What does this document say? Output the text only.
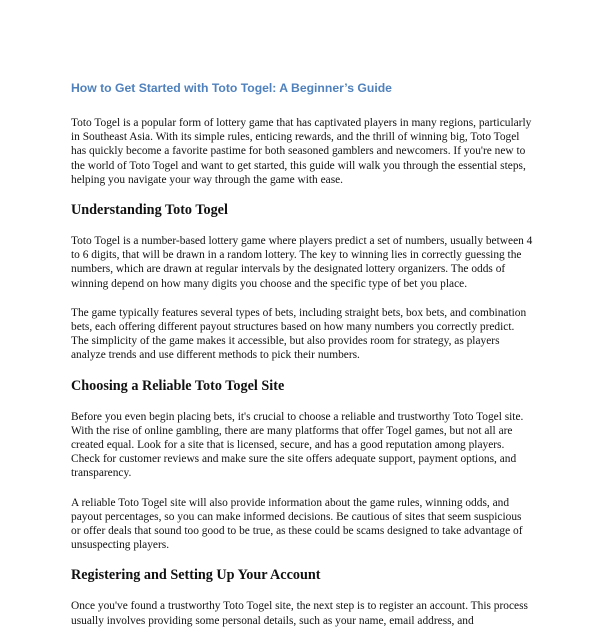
How to Get Started with Toto Togel: A Beginner’s Guide

Toto Togel is a popular form of lottery game that has captivated players in many regions, particularly in Southeast Asia. With its simple rules, enticing rewards, and the thrill of winning big, Toto Togel has quickly become a favorite pastime for both seasoned gamblers and newcomers. If you're new to the world of Toto Togel and want to get started, this guide will walk you through the essential steps, helping you navigate your way through the game with ease.

Understanding Toto Togel

Toto Togel is a number-based lottery game where players predict a set of numbers, usually between 4 to 6 digits, that will be drawn in a random lottery. The key to winning lies in correctly guessing the numbers, which are drawn at regular intervals by the designated lottery organizers. The odds of winning depend on how many digits you choose and the specific type of bet you place.

The game typically features several types of bets, including straight bets, box bets, and combination bets, each offering different payout structures based on how many numbers you correctly predict. The simplicity of the game makes it accessible, but also provides room for strategy, as players analyze trends and use different methods to pick their numbers.

Choosing a Reliable Toto Togel Site

Before you even begin placing bets, it's crucial to choose a reliable and trustworthy Toto Togel site. With the rise of online gambling, there are many platforms that offer Togel games, but not all are created equal. Look for a site that is licensed, secure, and has a good reputation among players. Check for customer reviews and make sure the site offers adequate support, payment options, and transparency.

A reliable Toto Togel site will also provide information about the game rules, winning odds, and payout percentages, so you can make informed decisions. Be cautious of sites that seem suspicious or offer deals that sound too good to be true, as these could be scams designed to take advantage of unsuspecting players.

Registering and Setting Up Your Account

Once you've found a trustworthy Toto Togel site, the next step is to register an account. This process usually involves providing some personal details, such as your name, email address, and
